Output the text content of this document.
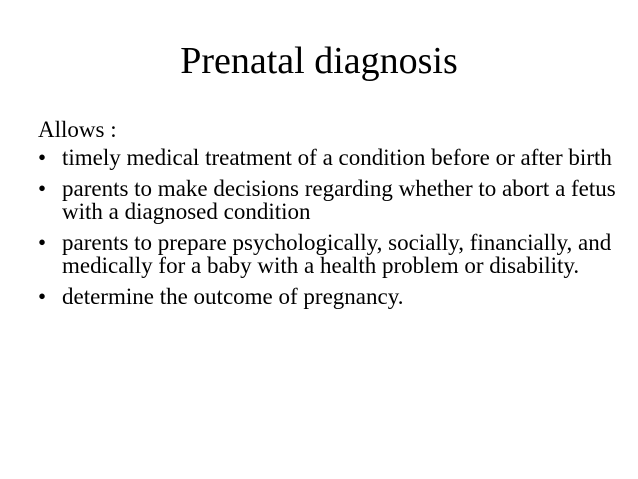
Prenatal diagnosis

Allows :

• timely medical treatment of a condition before or after birth
• parents to make decisions regarding whether to abort a fetus with a diagnosed condition
• parents to prepare psychologically, socially, financially, and medically for a baby with a health problem or disability.
• determine the outcome of pregnancy.
